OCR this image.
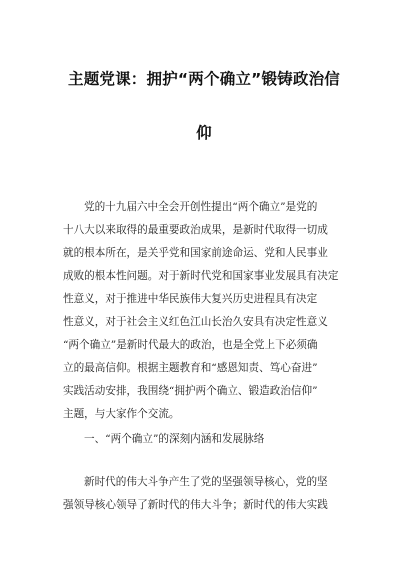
主题党课：拥护“两个确立”锻铸政治信
仰
党的十九届六中全会开创性提出“两个确立”是党的
十八大以来取得的最重要政治成果，是新时代取得一切成
就的根本所在，是关乎党和国家前途命运、党和人民事业
成败的根本性问题。对于新时代党和国家事业发展具有决定
性意义，对于推进中华民族伟大复兴历史进程具有决定
性意义，对于社会主义红色江山长治久安具有决定性意义
“两个确立”是新时代最大的政治，也是全党上下必须确
立的最高信仰。根据主题教育和“感恩知责、笃心奋进”
实践活动安排，我围绕“拥护两个确立、锻造政治信仰”
主题，与大家作个交流。
一、“两个确立”的深刻内涵和发展脉络
新时代的伟大斗争产生了党的坚强领导核心，党的坚
强领导核心领导了新时代的伟大斗争；新时代的伟大实践
